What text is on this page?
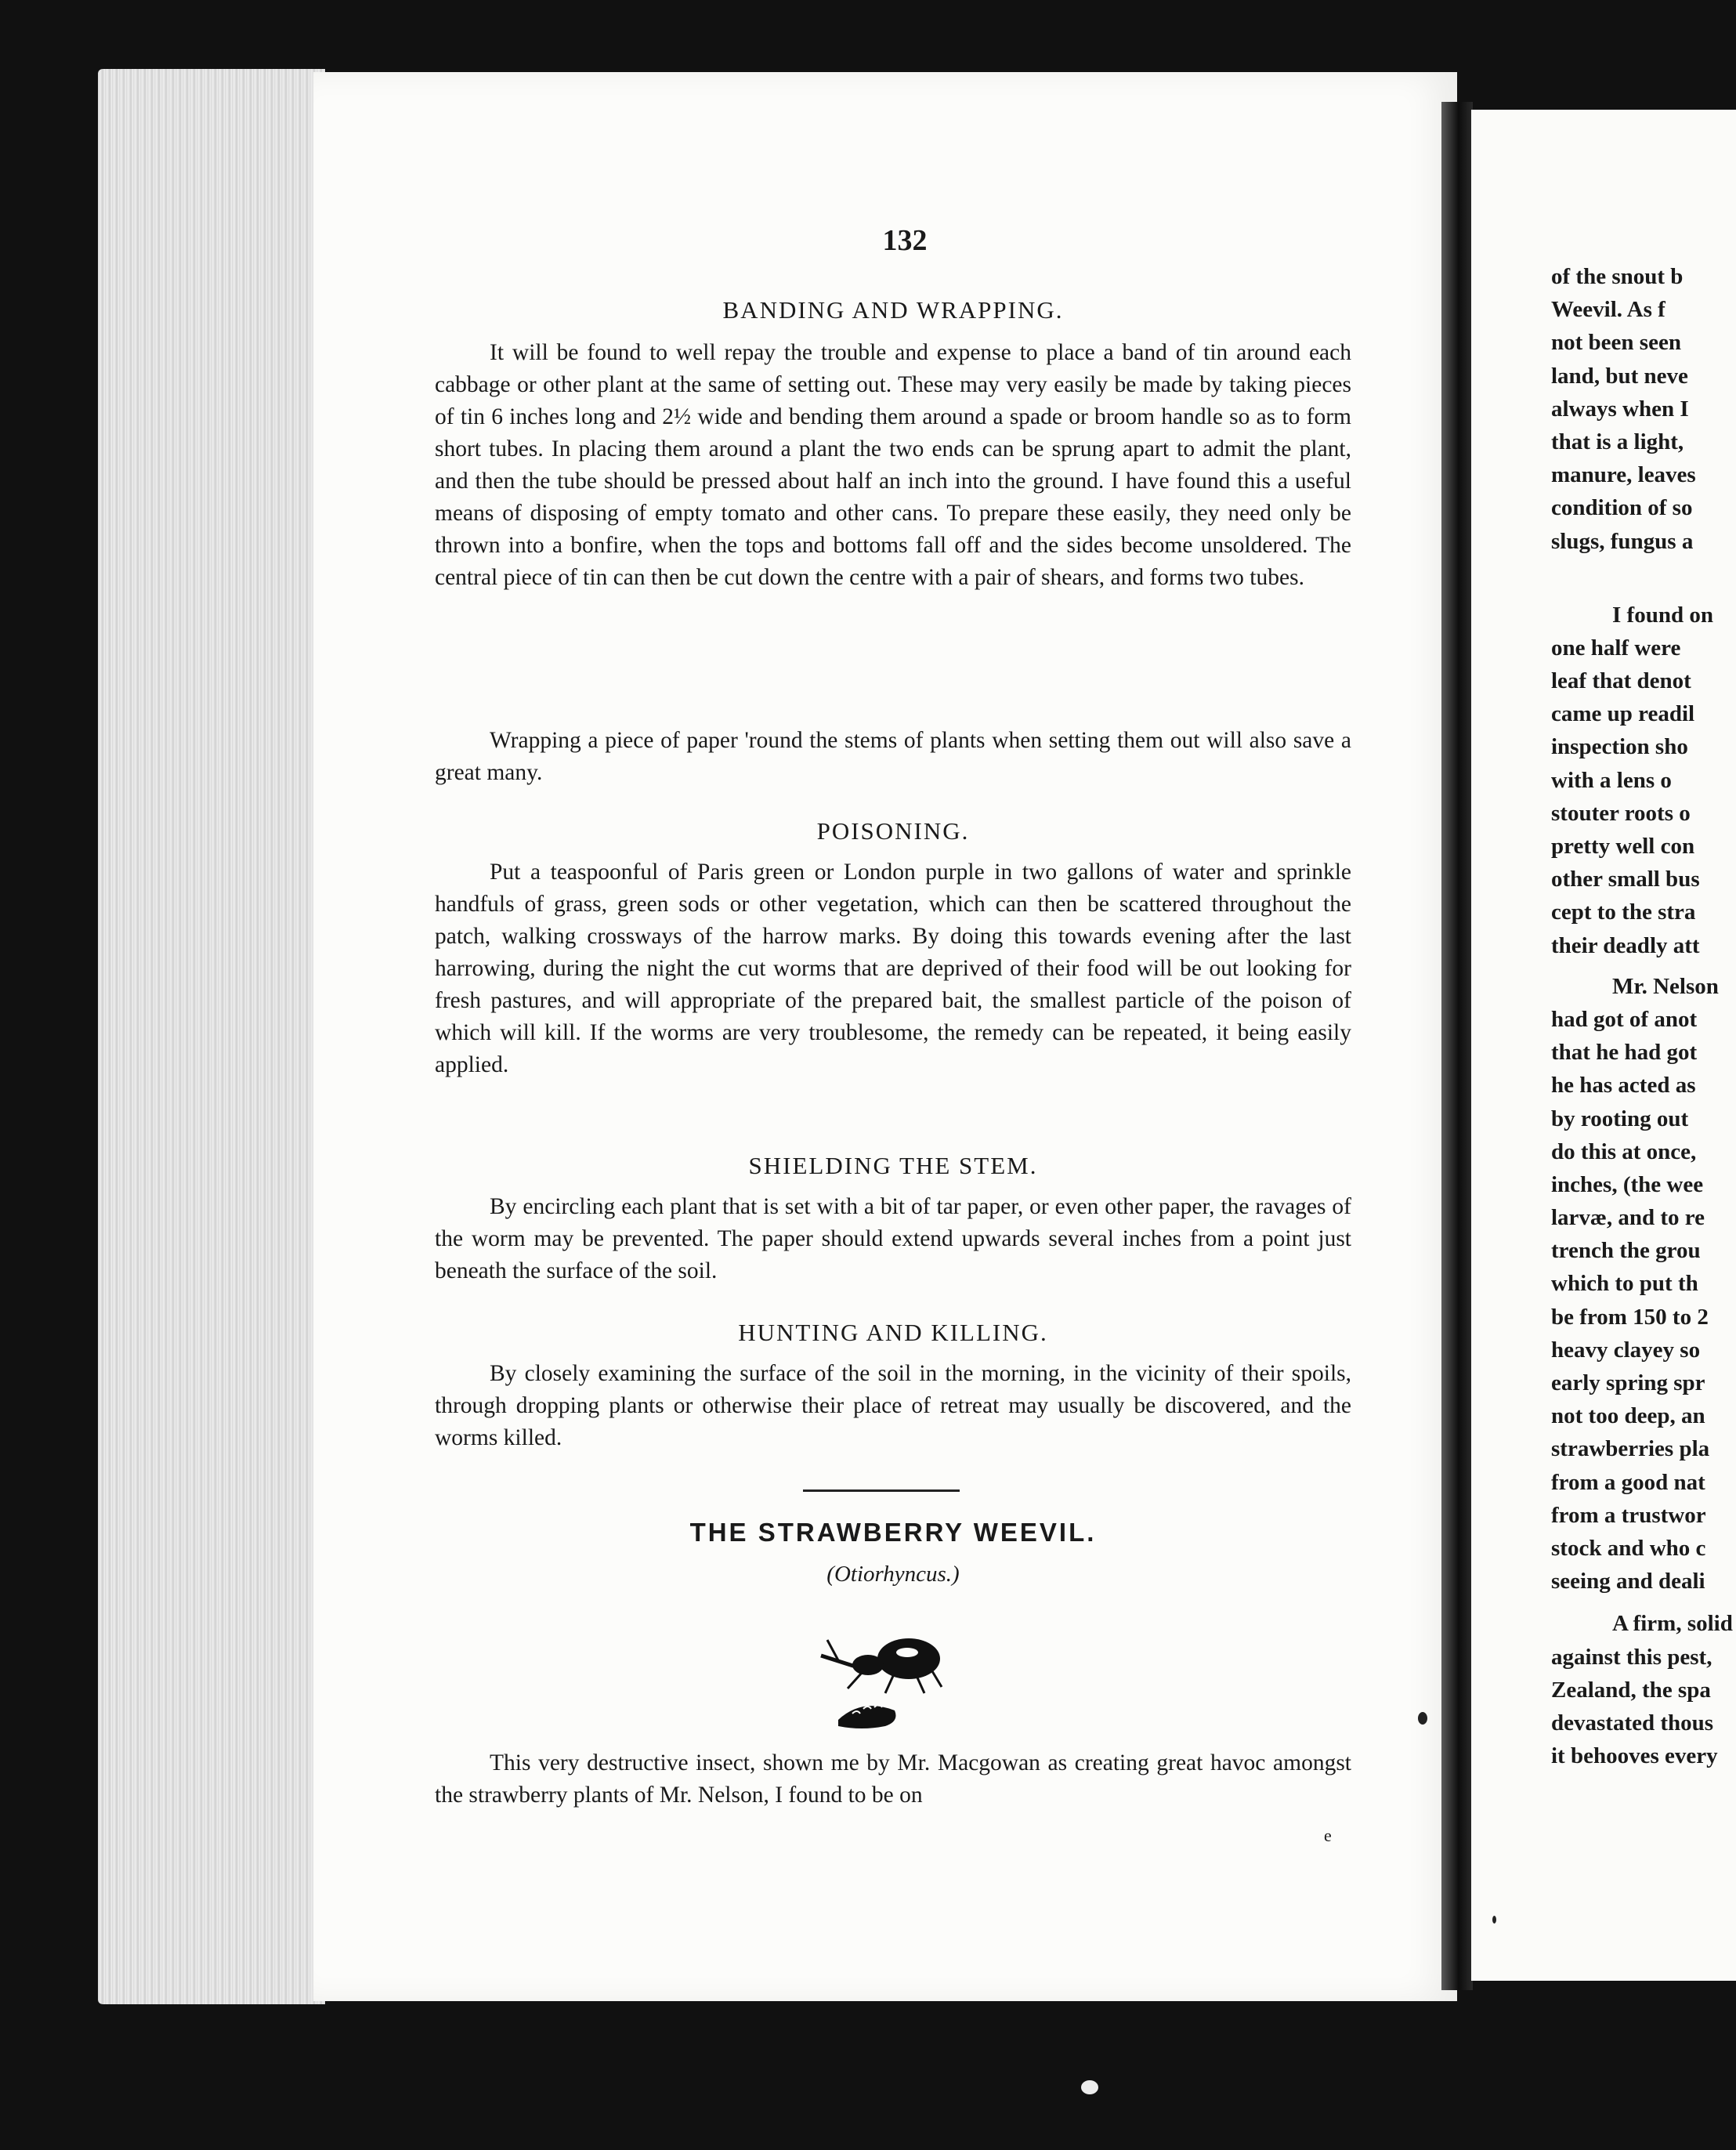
132
BANDING AND WRAPPING.

It will be found to well repay the trouble and expense to place a band of tin around each cabbage or other plant at the same of setting out. These may very easily be made by taking pieces of tin 6 inches long and 2½ wide and bending them around a spade or broom handle so as to form short tubes. In placing them around a plant the two ends can be sprung apart to admit the plant, and then the tube should be pressed about half an inch into the ground. I have found this a useful means of disposing of empty tomato and other cans. To prepare these easily, they need only be thrown into a bonfire, when the tops and bottoms fall off and the sides become unsoldered. The central piece of tin can then be cut down the centre with a pair of shears, and forms two tubes.

Wrapping a piece of paper 'round the stems of plants when setting them out will also save a great many.

POISONING.

Put a teaspoonful of Paris green or London purple in two gallons of water and sprinkle handfuls of grass, green sods or other vegetation, which can then be scattered throughout the patch, walking crossways of the harrow marks. By doing this towards evening after the last harrowing, during the night the cut worms that are deprived of their food will be out looking for fresh pastures, and will appropriate of the prepared bait, the smallest particle of the poison of which will kill. If the worms are very troublesome, the remedy can be repeated, it being easily applied.

SHIELDING THE STEM.

By encircling each plant that is set with a bit of tar paper, or even other paper, the ravages of the worm may be prevented. The paper should extend upwards several inches from a point just beneath the surface of the soil.

HUNTING AND KILLING.

By closely examining the surface of the soil in the morning, in the vicinity of their spoils, through dropping plants or otherwise their place of retreat may usually be discovered, and the worms killed.

THE STRAWBERRY WEEVIL.
(Otiorhyncus.)

This very destructive insect, shown me by Mr. Macgowan as creating great havoc amongst the strawberry plants of Mr. Nelson, I found to be on

e
of the snout b
Weevil. As f
not been seen
land, but neve
always when I
that is a light,
manure, leaves
condition of so
slugs, fungus a
I found on
one half were
leaf that denot
came up readil
inspection sho
with a lens o
stouter roots o
pretty well con
other small bus
cept to the stra
their deadly att
Mr. Nelson
had got of anot
that he had got
he has acted as
by rooting out
do this at once,
inches, (the wee
larvæ, and to re
trench the grou
which to put th
be from 150 to 2
heavy clayey so
early spring spr
not too deep, an
strawberries pla
from a good nat
from a trustwor
stock and who c
seeing and deali
A firm, solid
against this pest,
Zealand, the spa
devastated thous
it behooves every
